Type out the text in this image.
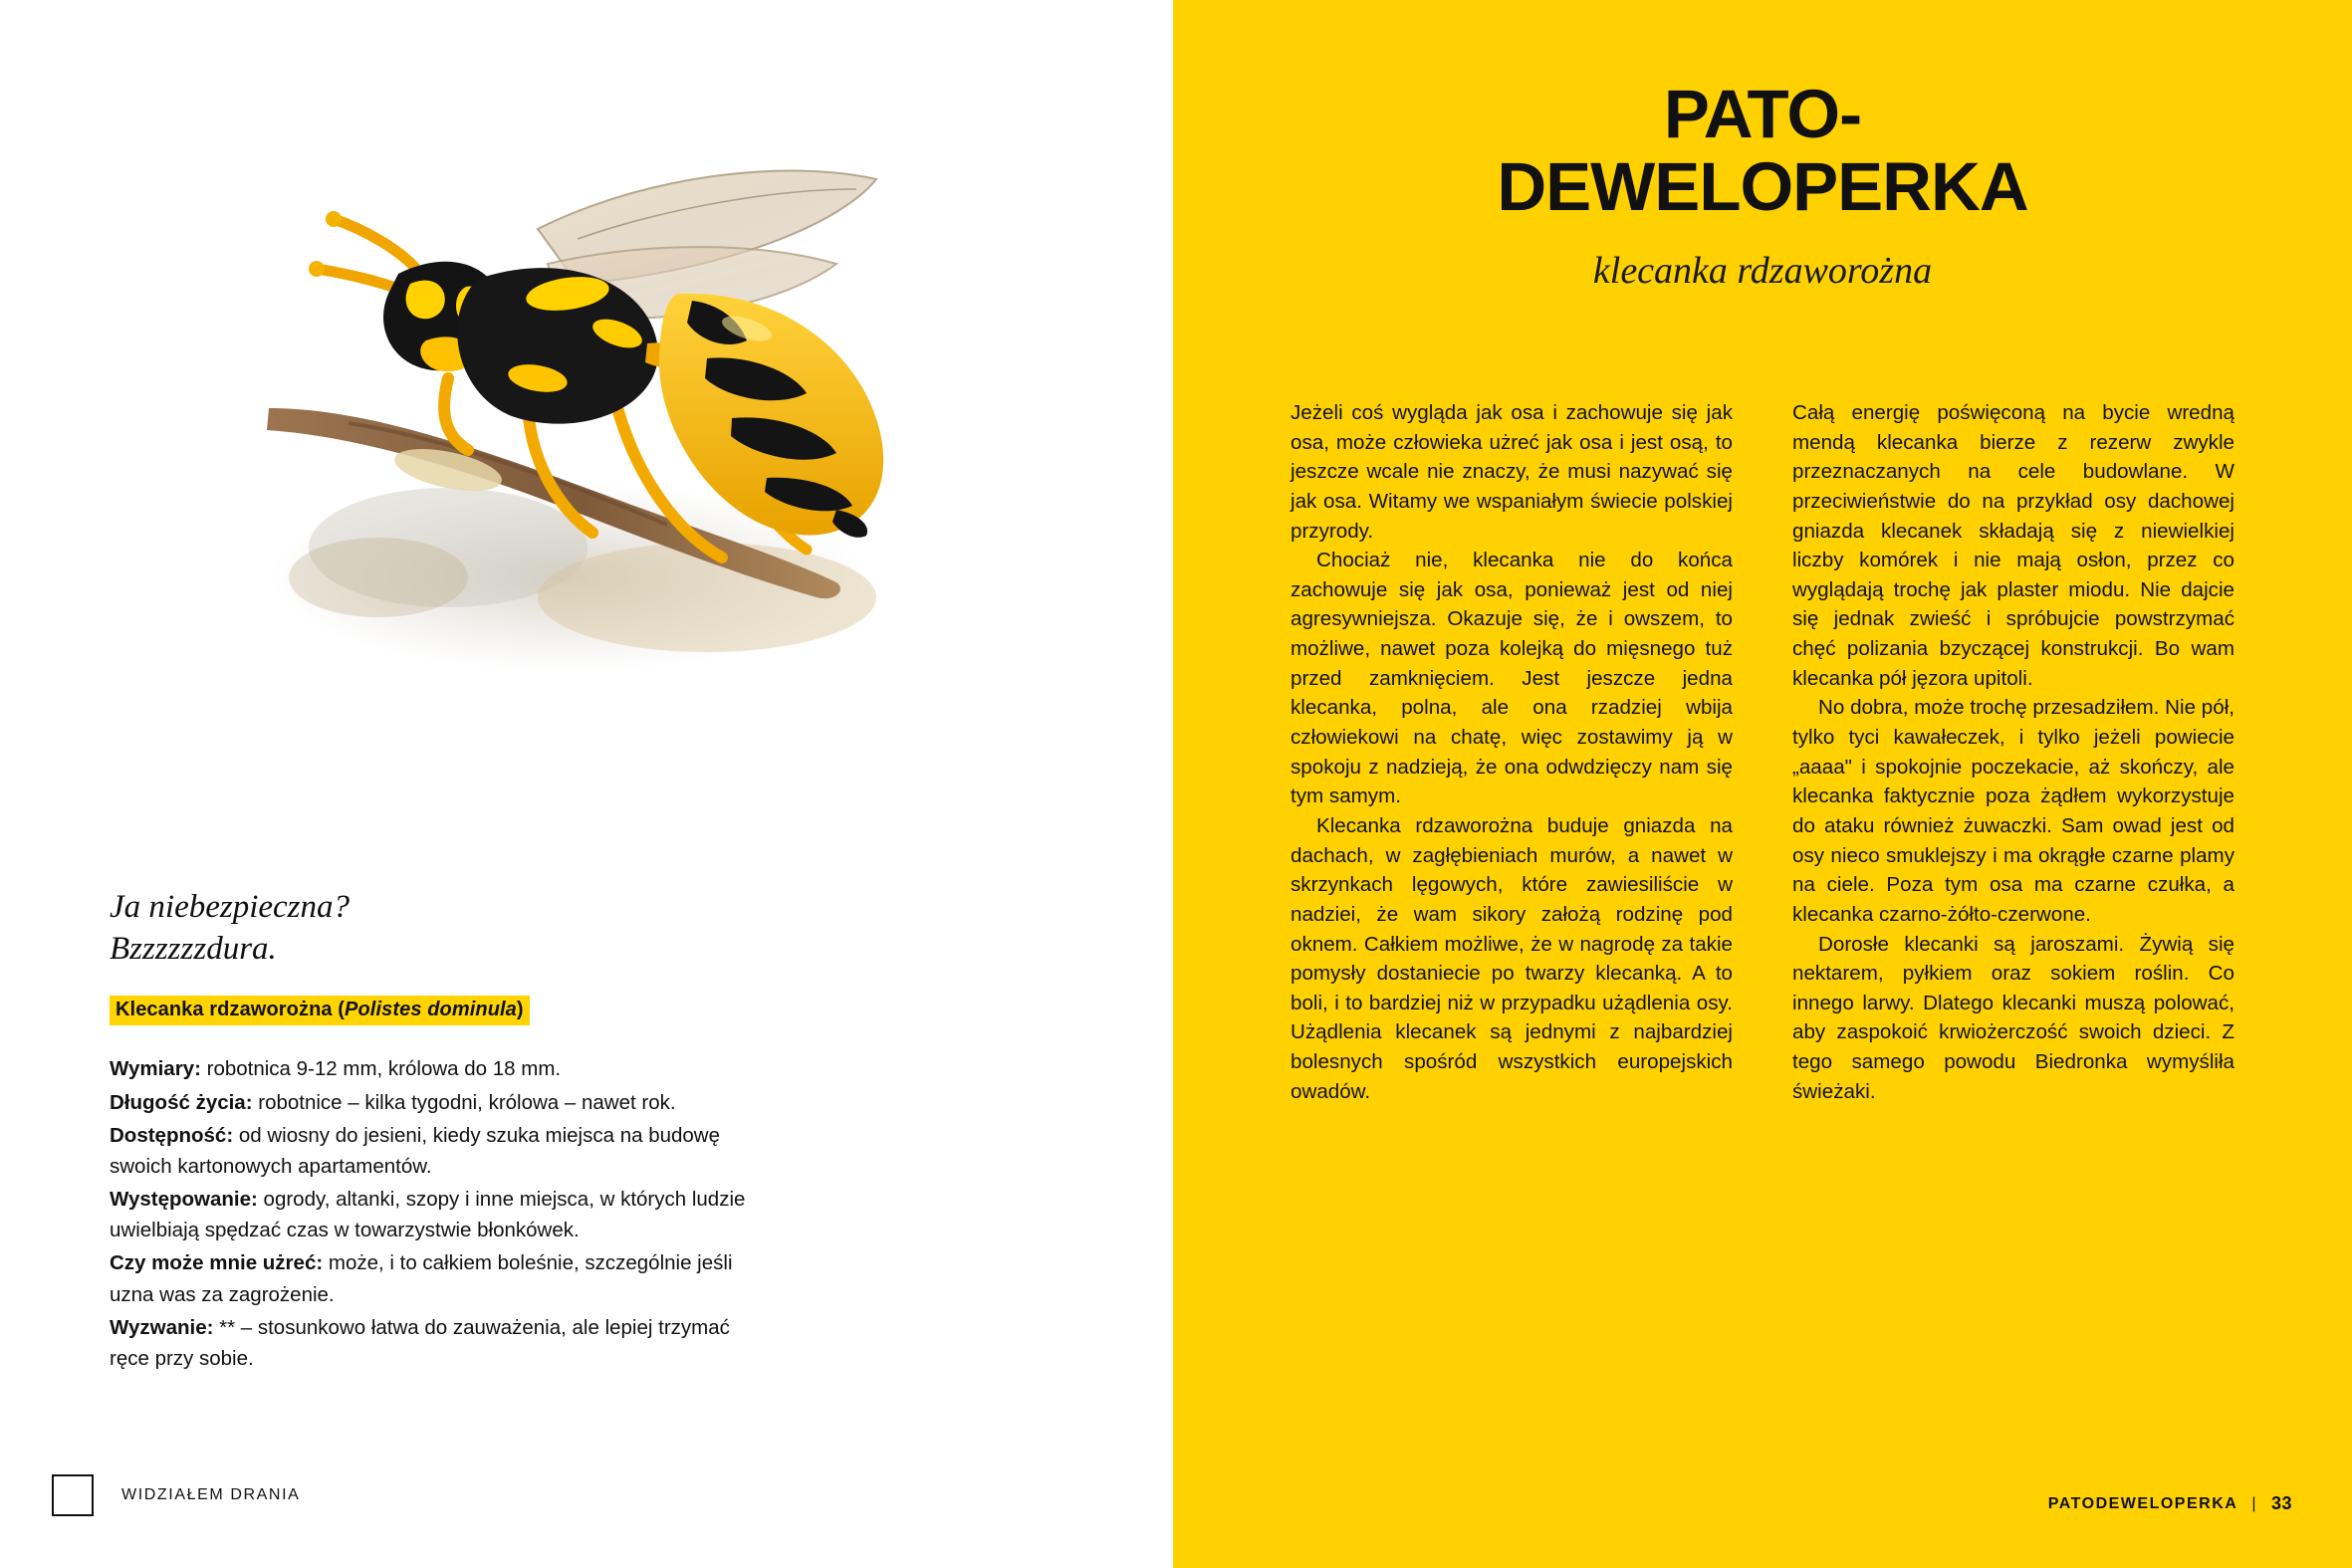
Ja niebezpieczna?
Bzzzzzzdura.
Klecanka rdzaworożna (Polistes dominula)

Wymiary: robotnica 9-12 mm, królowa do 18 mm.

Długość życia: robotnice – kilka tygodni, królowa – nawet rok.

Dostępność: od wiosny do jesieni, kiedy szuka miejsca na budowę swoich kartonowych apartamentów.

Występowanie: ogrody, altanki, szopy i inne miejsca, w których ludzie uwielbiają spędzać czas w towarzystwie błonkówek.

Czy może mnie użreć: może, i to całkiem boleśnie, szczególnie jeśli uzna was za zagrożenie.

Wyzwanie: ** – stosunkowo łatwa do zauważenia, ale lepiej trzymać ręce przy sobie.

WIDZIAŁEM DRANIA
PATO-
DEWELOPERKA
klecanka rdzaworożna

Jeżeli coś wygląda jak osa i zachowuje się jak osa, może człowieka użreć jak osa i jest osą, to jeszcze wcale nie znaczy, że musi nazywać się jak osa. Witamy we wspaniałym świecie polskiej przyrody.

Chociaż nie, klecanka nie do końca zachowuje się jak osa, ponieważ jest od niej agresywniejsza. Okazuje się, że i owszem, to możliwe, nawet poza kolejką do mięsnego tuż przed zamknięciem. Jest jeszcze jedna klecanka, polna, ale ona rzadziej wbija człowiekowi na chatę, więc zostawimy ją w spokoju z nadzieją, że ona odwdzięczy nam się tym samym.

Klecanka rdzaworożna buduje gniazda na dachach, w zagłębieniach murów, a nawet w skrzynkach lęgowych, które zawiesiliście w nadziei, że wam sikory założą rodzinę pod oknem. Całkiem możliwe, że w nagrodę za takie pomysły dostaniecie po twarzy klecanką. A to boli, i to bardziej niż w przypadku użądlenia osy. Użądlenia klecanek są jednymi z najbardziej bolesnych spośród wszystkich europejskich owadów.

Całą energię poświęconą na bycie wredną mendą klecanka bierze z rezerw zwykle przeznaczanych na cele budowlane. W przeciwieństwie do na przykład osy dachowej gniazda klecanek składają się z niewielkiej liczby komórek i nie mają osłon, przez co wyglądają trochę jak plaster miodu. Nie dajcie się jednak zwieść i spróbujcie powstrzymać chęć polizania bzyczącej konstrukcji. Bo wam klecanka pół jęzora upitoli.

No dobra, może trochę przesadziłem. Nie pół, tylko tyci kawałeczek, i tylko jeżeli powiecie „aaaa" i spokojnie poczekacie, aż skończy, ale klecanka faktycznie poza żądłem wykorzystuje do ataku również żuwaczki. Sam owad jest od osy nieco smuklejszy i ma okrągłe czarne plamy na ciele. Poza tym osa ma czarne czułka, a klecanka czarno-żółto-czerwone.

Dorosłe klecanki są jaroszami. Żywią się nektarem, pyłkiem oraz sokiem roślin. Co innego larwy. Dlatego klecanki muszą polować, aby zaspokoić krwiożerczość swoich dzieci. Z tego samego powodu Biedronka wymyśliła świeżaki.

PATODEWELOPERKA | 33
